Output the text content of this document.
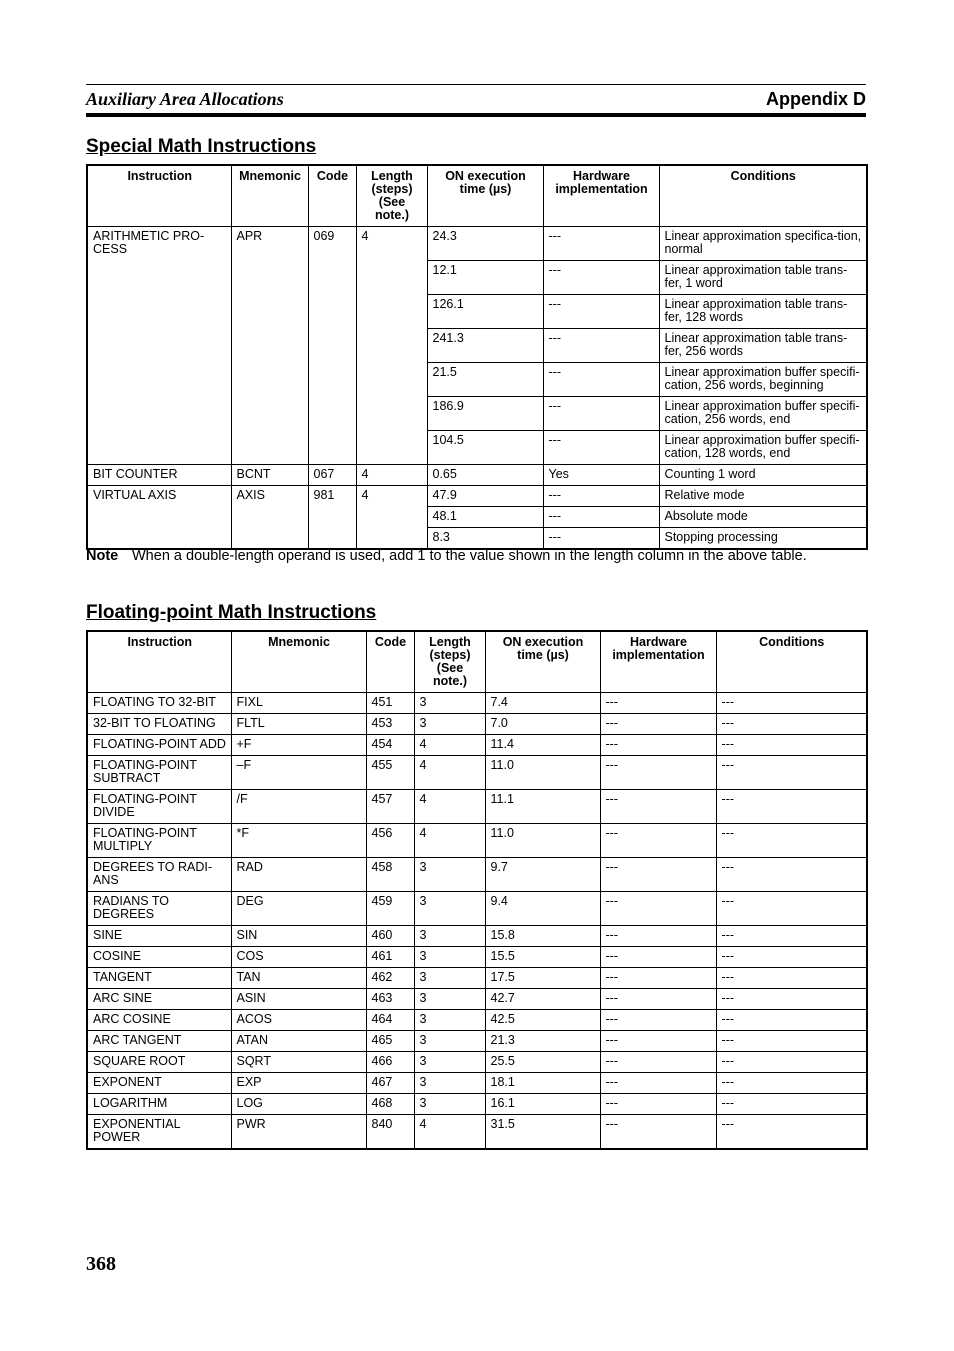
Auxiliary Area Allocations	Appendix D
Special Math Instructions
Instruction	Mnemonic	Code	Length (steps) (See note.)	ON execution time (µs)	Hardware implementation	Conditions
ARITHMETIC PRO-CESS	APR	069	4	24.3	---	Linear approximation specifica-tion, normal
				12.1	---	Linear approximation table trans-fer, 1 word
				126.1	---	Linear approximation table trans-fer, 128 words
				241.3	---	Linear approximation table trans-fer, 256 words
				21.5	---	Linear approximation buffer specifi-cation, 256 words, beginning
				186.9	---	Linear approximation buffer specifi-cation, 256 words, end
				104.5	---	Linear approximation buffer specifi-cation, 128 words, end
BIT COUNTER	BCNT	067	4	0.65	Yes	Counting 1 word
VIRTUAL AXIS	AXIS	981	4	47.9	---	Relative mode
				48.1	---	Absolute mode
				8.3	---	Stopping processing
Note When a double-length operand is used, add 1 to the value shown in the length column in the above table.
Floating-point Math Instructions
Instruction	Mnemonic	Code	Length (steps) (See note.)	ON execution time (µs)	Hardware implementation	Conditions
FLOATING TO 32-BIT	FIXL	451	3	7.4	---	---
32-BIT TO FLOATING	FLTL	453	3	7.0	---	---
FLOATING-POINT ADD	+F	454	4	11.4	---	---
FLOATING-POINT SUBTRACT	–F	455	4	11.0	---	---
FLOATING-POINT DIVIDE	/F	457	4	11.1	---	---
FLOATING-POINT MULTIPLY	*F	456	4	11.0	---	---
DEGREES TO RADI-ANS	RAD	458	3	9.7	---	---
RADIANS TO DEGREES	DEG	459	3	9.4	---	---
SINE	SIN	460	3	15.8	---	---
COSINE	COS	461	3	15.5	---	---
TANGENT	TAN	462	3	17.5	---	---
ARC SINE	ASIN	463	3	42.7	---	---
ARC COSINE	ACOS	464	3	42.5	---	---
ARC TANGENT	ATAN	465	3	21.3	---	---
SQUARE ROOT	SQRT	466	3	25.5	---	---
EXPONENT	EXP	467	3	18.1	---	---
LOGARITHM	LOG	468	3	16.1	---	---
EXPONENTIAL POWER	PWR	840	4	31.5	---	---
368
